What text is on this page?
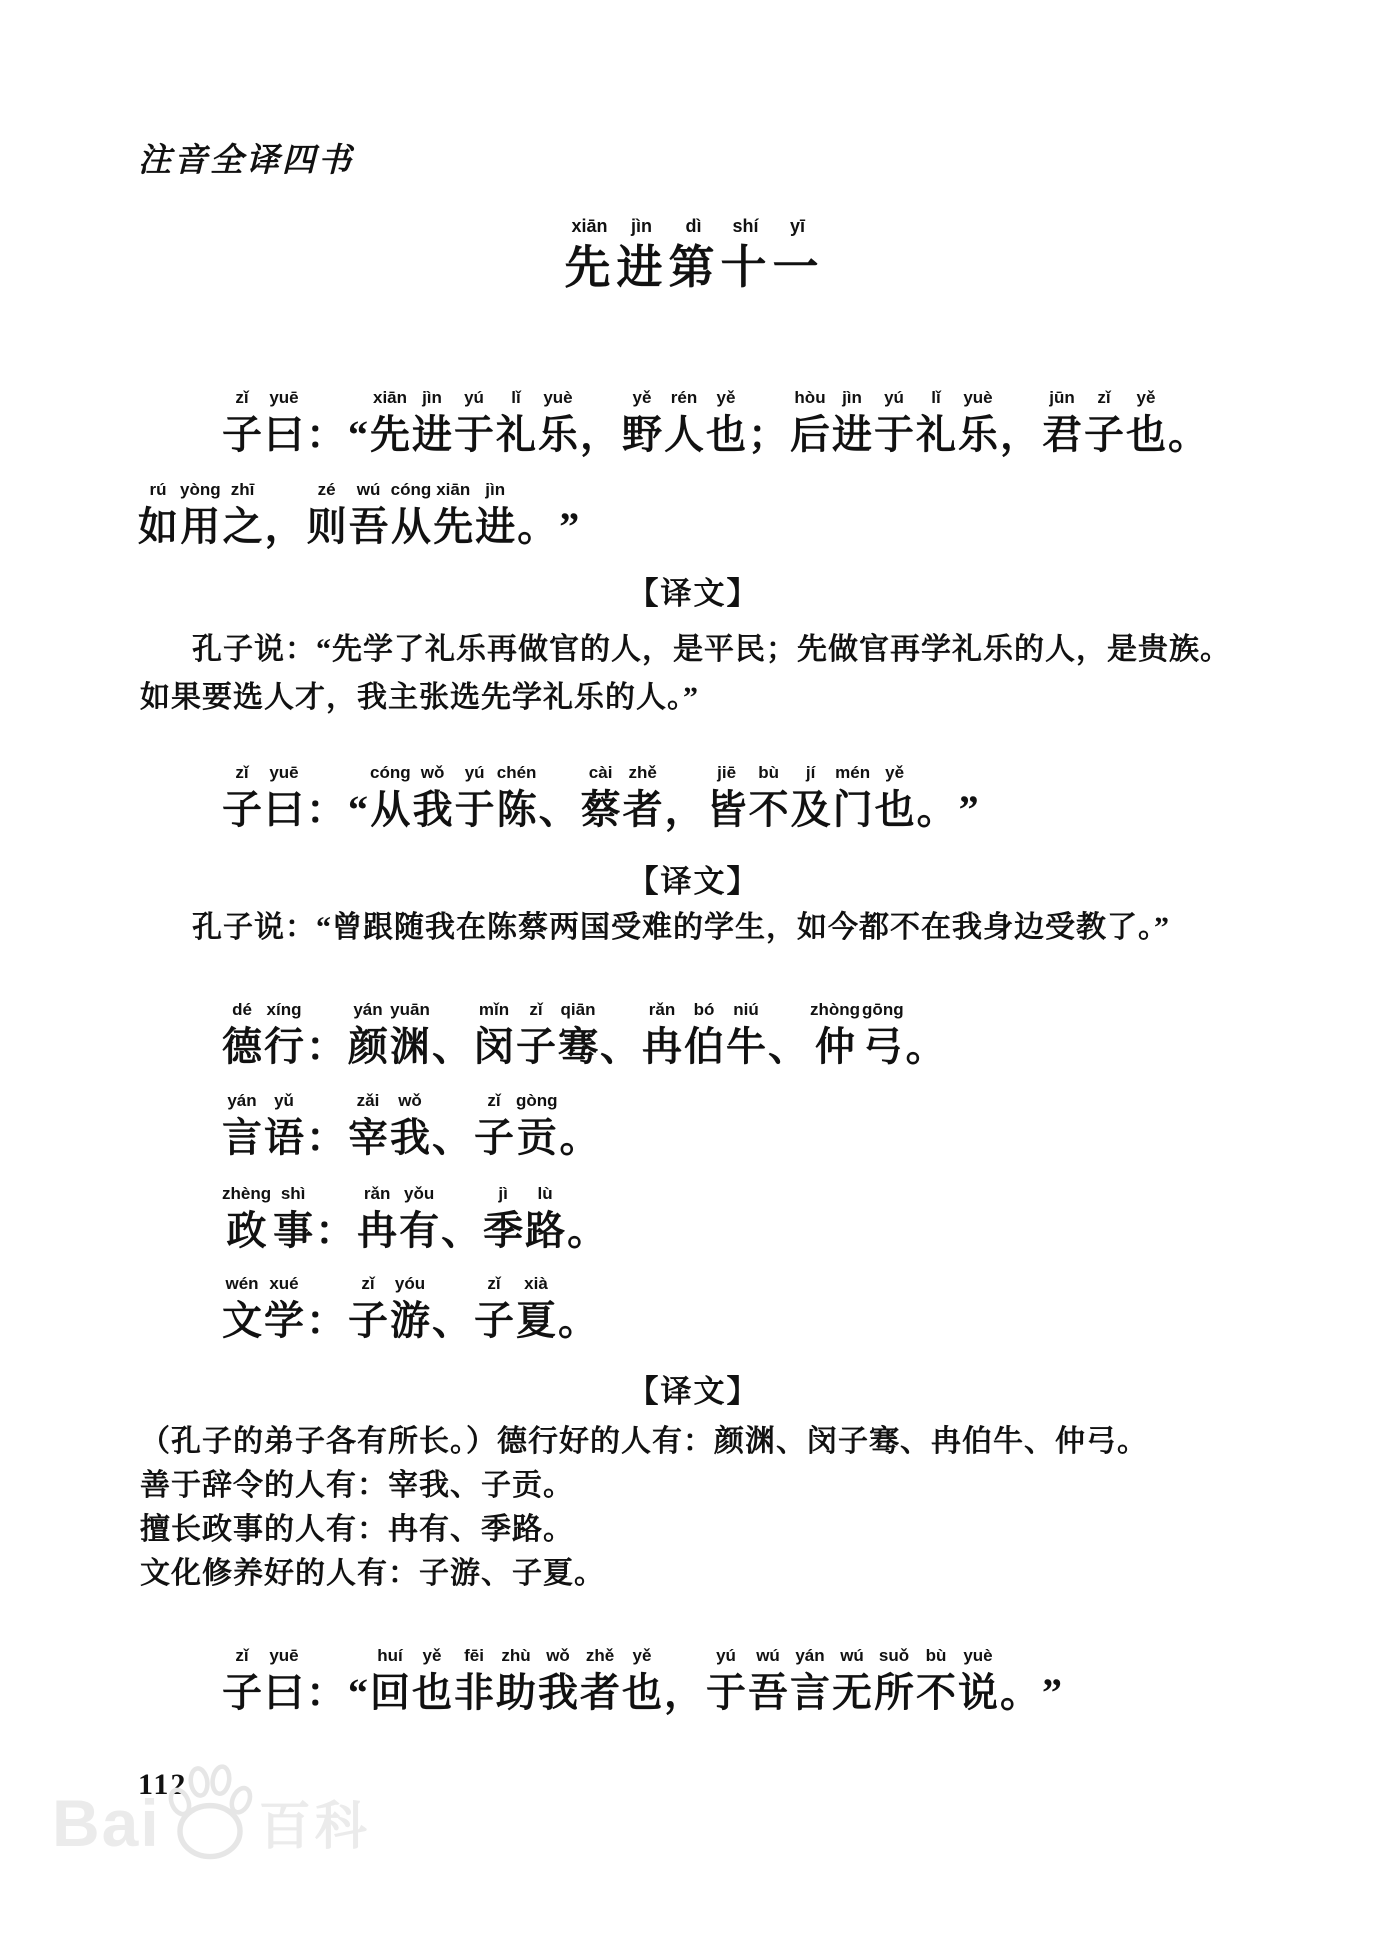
注音全译四书
xiān
先
jìn
进
dì
第
shí
十
yī
一
zǐ
子
yuē
曰
：
“
xiān
先
jìn
进
yú
于
lǐ
礼
yuè
乐
，
yě
野
rén
人
yě
也
；
hòu
后
jìn
进
yú
于
lǐ
礼
yuè
乐
，
jūn
君
zǐ
子
yě
也
。
rú
如
yòng
用
zhī
之
，
zé
则
wú
吾
cóng
从
xiān
先
jìn
进
。
”
【译文】
孔子说：“先学了礼乐再做官的人，是平民；先做官再学礼乐的人，是贵族。
如果要选人才，我主张选先学礼乐的人。”
zǐ
子
yuē
曰
：
“
cóng
从
wǒ
我
yú
于
chén
陈
、
cài
蔡
zhě
者
，
jiē
皆
bù
不
jí
及
mén
门
yě
也
。
”
【译文】
孔子说：“曾跟随我在陈蔡两国受难的学生，如今都不在我身边受教了。”
dé
德
xíng
行
：
yán
颜
yuān
渊
、
mǐn
闵
zǐ
子
qiān
骞
、
rǎn
冉
bó
伯
niú
牛
、
zhòng
仲
gōng
弓
。
yán
言
yǔ
语
：
zǎi
宰
wǒ
我
、
zǐ
子
gòng
贡
。
zhèng
政
shì
事
：
rǎn
冉
yǒu
有
、
jì
季
lù
路
。
wén
文
xué
学
：
zǐ
子
yóu
游
、
zǐ
子
xià
夏
。
【译文】
（孔子的弟子各有所长。）德行好的人有：颜渊、闵子骞、冉伯牛、仲弓。
善于辞令的人有：宰我、子贡。
擅长政事的人有：冉有、季路。
文化修养好的人有：子游、子夏。
zǐ
子
yuē
曰
：
“
huí
回
yě
也
fēi
非
zhù
助
wǒ
我
zhě
者
yě
也
，
yú
于
wú
吾
yán
言
wú
无
suǒ
所
bù
不
yuè
说
。
”
112
Bai 百科
